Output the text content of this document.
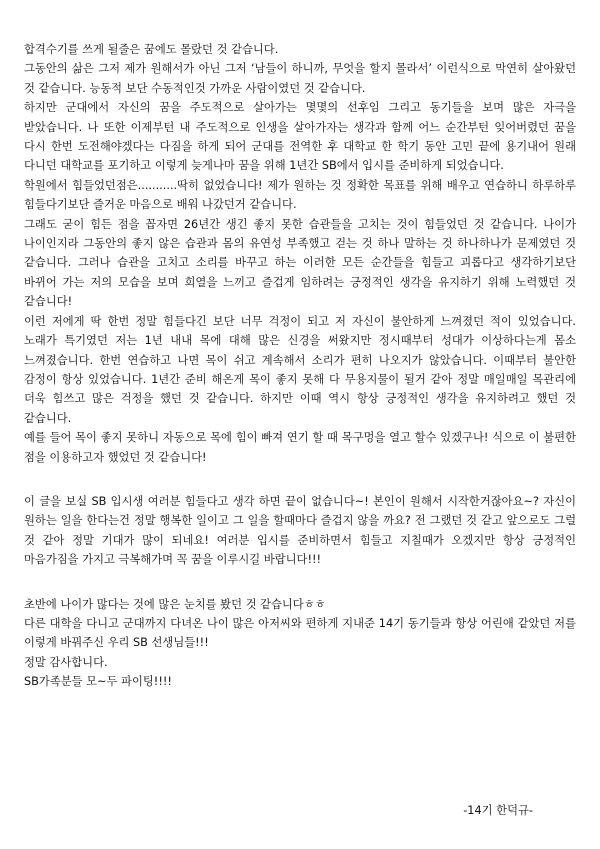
합격수기를 쓰게 될줄은 꿈에도 몰랐던 것 같습니다.

그동안의 삶은 그저 제가 원해서가 아닌 그저 ‘남들이 하니까, 무엇을 할지 몰라서’ 이런식으로 막연히 살아왔던 것 같습니다. 능동적 보단 수동적인것 가까운 사람이였던 것 같습니다.

하지만 군대에서 자신의 꿈을 주도적으로 살아가는 몇몇의 선후임 그리고 동기들을 보며 많은 자극을 받았습니다. 나 또한 이제부턴 내 주도적으로 인생을 살아가자는 생각과 함께 어느 순간부턴 잊어버렸던 꿈을 다시 한번 도전해야겠다는 다짐을 하게 되어 군대를 전역한 후 대학교 한 학기 동안 고민 끝에 용기내어 원래 다니던 대학교를 포기하고 이렇게 늦게나마 꿈을 위해 1년간 SB에서 입시를 준비하게 되었습니다.

학원에서 힘들었던점은...........딱히 없었습니다! 제가 원하는 것 정확한 목표를 위해 배우고 연습하니 하루하루 힘들다기보단 즐거운 마음으로 배워 나갔던거 같습니다.

그래도 굳이 힘든 점을 꼽자면 26년간 생긴 좋지 못한 습관들을 고치는 것이 힘들었던 것 같습니다. 나이가 나이인지라 그동안의 좋지 않은 습관과 몸의 유연성 부족했고 걷는 것 하나 말하는 것 하나하나가 문제였던 것 같습니다. 그러나 습관을 고치고 소리를 바꾸고 하는 이러한 모든 순간들을 힘들고 괴롭다고 생각하기보단 바뀌어 가는 저의 모습을 보며 희열을 느끼고 즐겁게 임하려는 긍정적인 생각을 유지하기 위해 노력했던 것 같습니다!

이런 저에게 딱 한번 정말 힘들다긴 보단 너무 걱정이 되고 저 자신이 불안하게 느껴졌던 적이 있었습니다. 노래가 특기였던 저는 1년 내내 목에 대해 많은 신경을 써왔지만 정시때부터 성대가 이상하다는게 몸소 느껴졌습니다. 한번 연습하고 나면 목이 쉬고 계속해서 소리가 편히 나오지가 않았습니다. 이때부터 불안한 감정이 항상 있었습니다. 1년간 준비 해온게 목이 좋지 못해 다 무용지물이 될거 같아 정말 매일매일 목관리에 더욱 힘쓰고 많은 걱정을 했던 것 같습니다. 하지만 이때 역시 항상 긍정적인 생각을 유지하려고 했던 것 같습니다.

예를 들어 목이 좋지 못하니 자동으로 목에 힘이 빠져 연기 할 때 목구멍을 열고 할수 있겠구나! 식으로 이 불편한 점을 이용하고자 했었던 것 같습니다!

이 글을 보실 SB 입시생 여러분 힘들다고 생각 하면 끝이 없습니다~! 본인이 원해서 시작한거잖아요~? 자신이 원하는 일을 한다는건 정말 행복한 일이고 그 일을 할때마다 즐겁지 않을 까요? 전 그랬던 것 같고 앞으로도 그럴 것 같아 정말 기대가 많이 되네요! 여러분 입시를 준비하면서 힘들고 지칠때가 오겠지만 항상 긍정적인 마음가짐을 가지고 극복해가며 꼭 꿈을 이루시길 바랍니다!!!

초반에 나이가 많다는 것에 많은 눈치를 봤던 것 같습니다ㅎㅎ

다른 대학을 다니고 군대까지 다녀온 나이 많은 아저씨와 편하게 지내준 14기 동기들과 항상 어린애 같았던 저를 이렇게 바꿔주신 우리 SB 선생님들!!!

정말 감사합니다.

SB가족분들 모~두 파이팅!!!!

-14기 한덕규-
